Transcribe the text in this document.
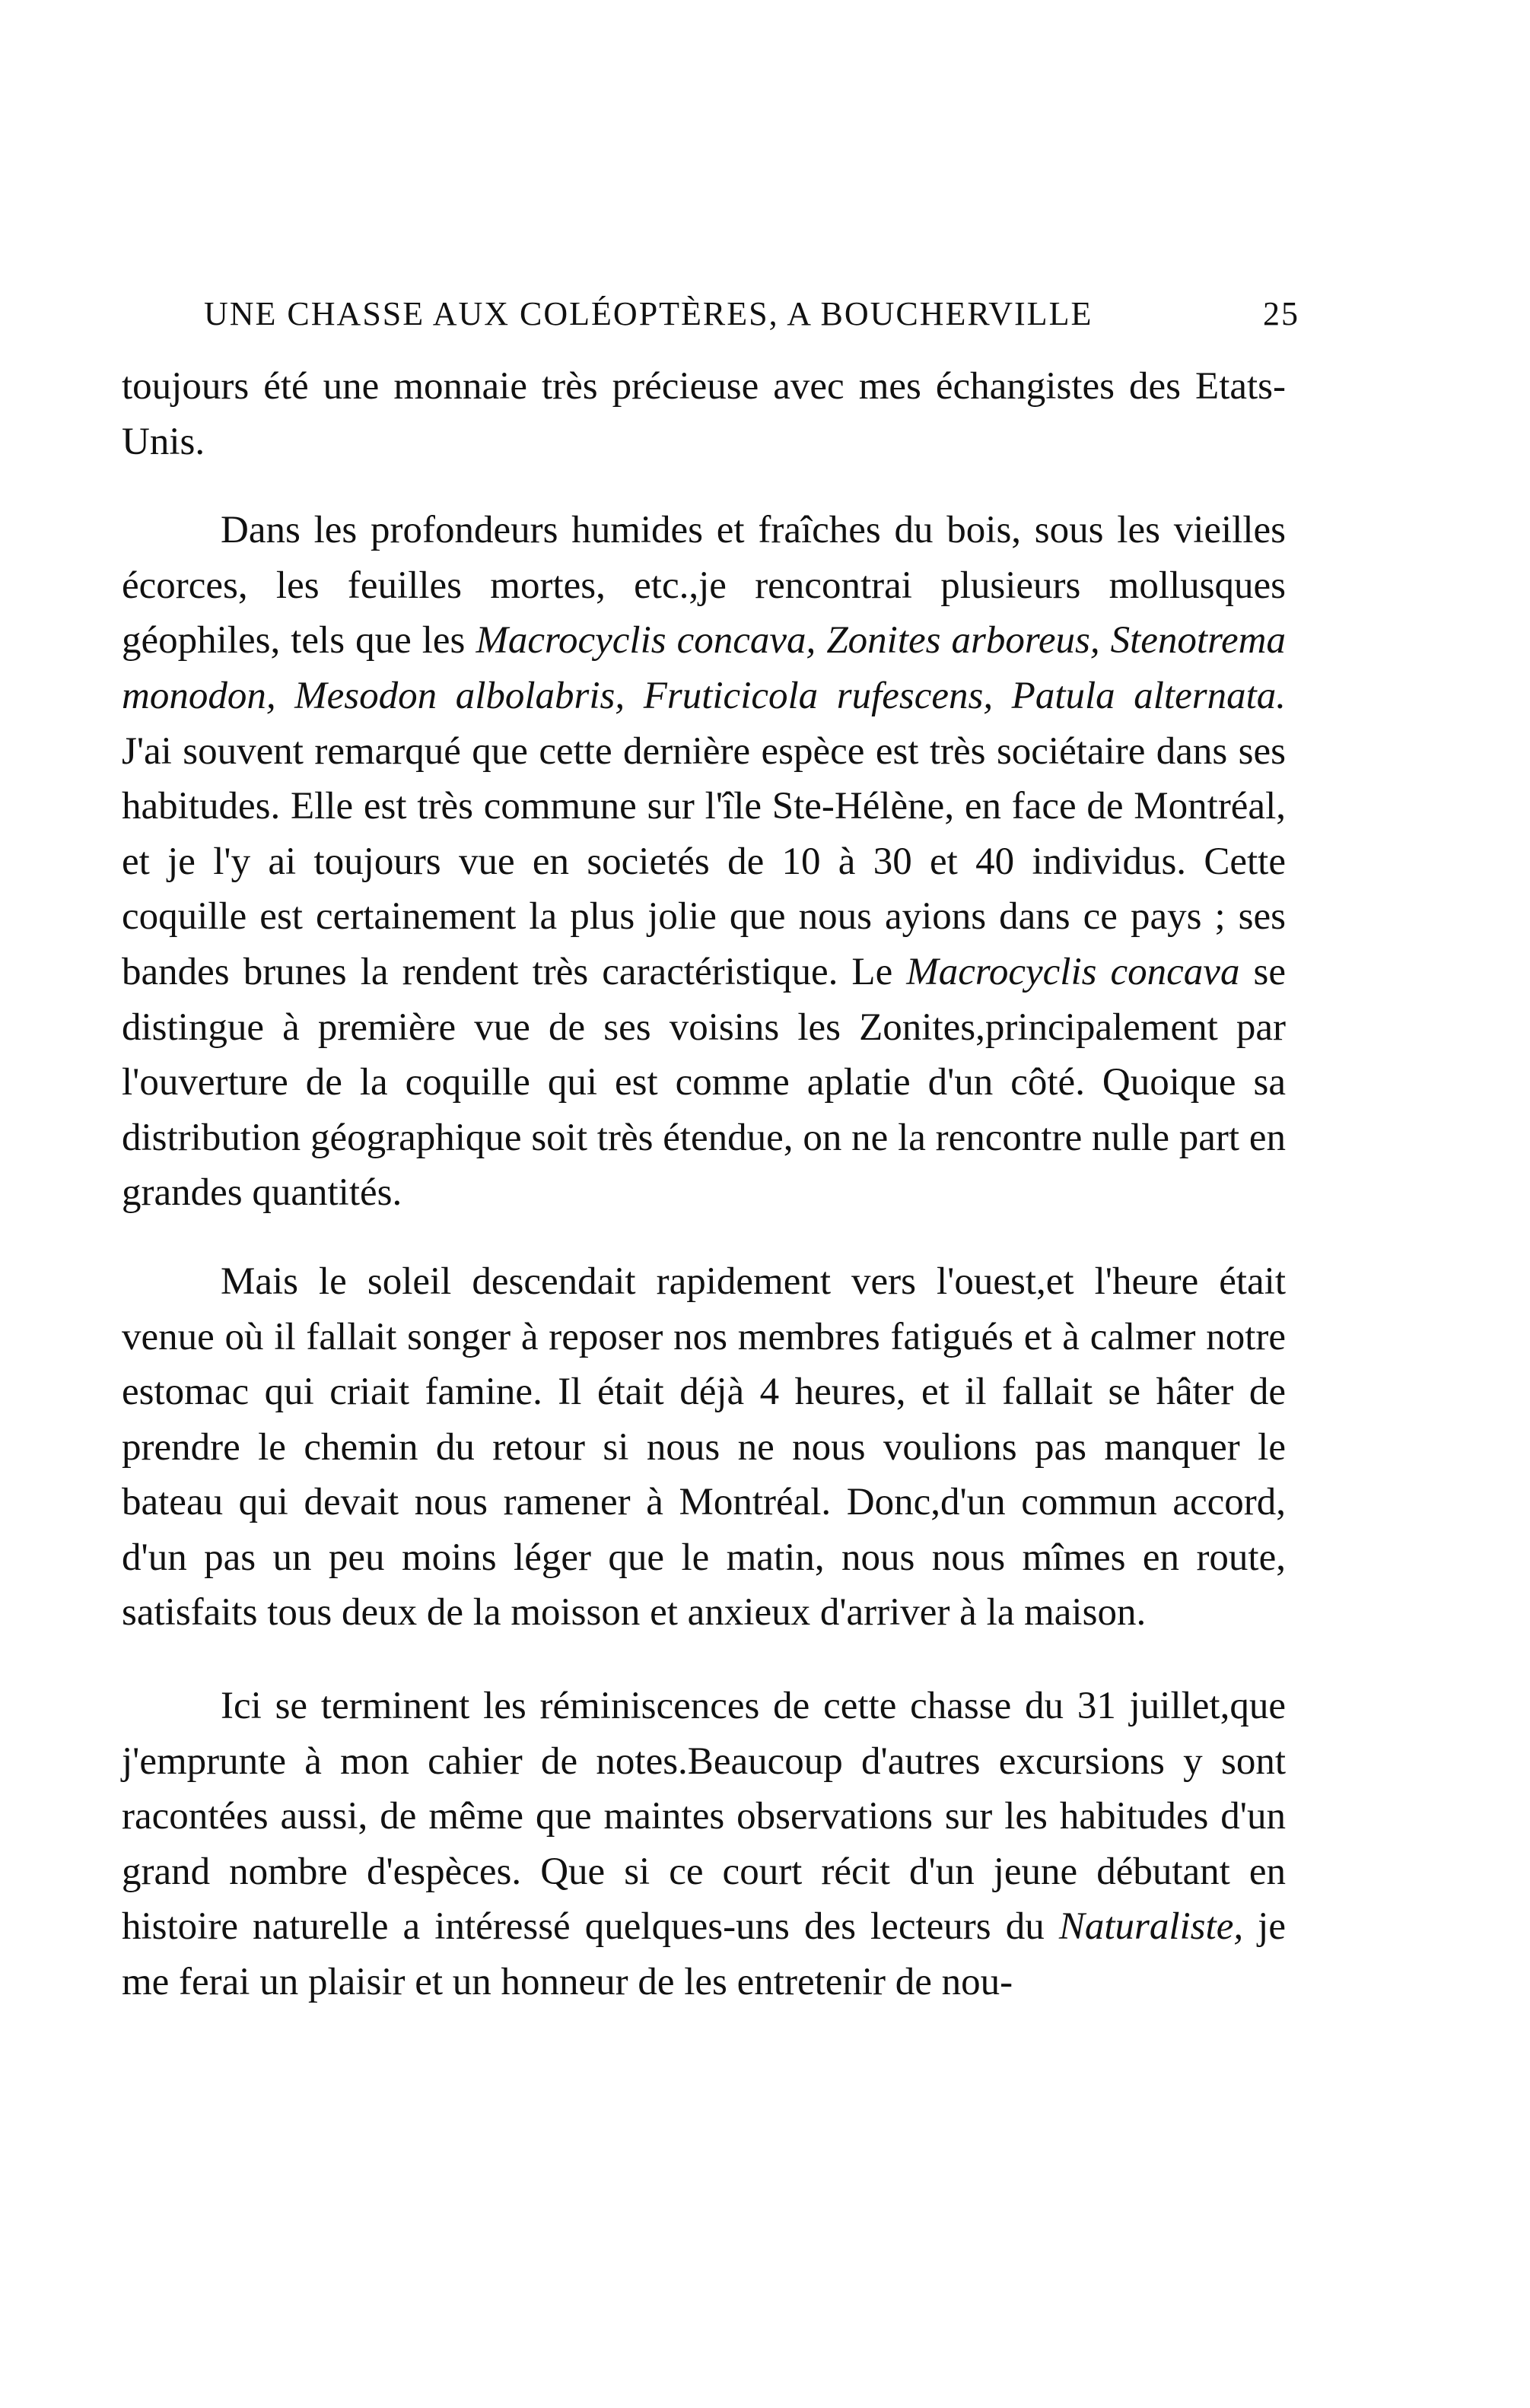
UNE CHASSE AUX COLÉOPTÈRES, A BOUCHERVILLE	25

toujours été une monnaie très précieuse avec mes échangistes des Etats-Unis.

Dans les profondeurs humides et fraîches du bois, sous les vieilles écorces, les feuilles mortes, etc.,je rencontrai plusieurs mollusques géophiles, tels que les Macrocyclis concava, Zonites arboreus, Stenotrema monodon, Mesodon albolabris, Fruticicola rufescens, Patula alternata. J'ai souvent remarqué que cette dernière espèce est très sociétaire dans ses habitudes. Elle est très commune sur l'île Ste-Hélène, en face de Montréal, et je l'y ai toujours vue en societés de 10 à 30 et 40 individus. Cette coquille est certainement la plus jolie que nous ayions dans ce pays ; ses bandes brunes la rendent très caractéristique. Le Macrocyclis concava se distingue à première vue de ses voisins les Zonites,principalement par l'ouverture de la coquille qui est comme aplatie d'un côté. Quoique sa distribution géographique soit très étendue, on ne la rencontre nulle part en grandes quantités.

Mais le soleil descendait rapidement vers l'ouest,et l'heure était venue où il fallait songer à reposer nos membres fatigués et à calmer notre estomac qui criait famine. Il était déjà 4 heures, et il fallait se hâter de prendre le chemin du retour si nous ne nous voulions pas manquer le bateau qui devait nous ramener à Montréal. Donc,d'un commun accord, d'un pas un peu moins léger que le matin, nous nous mîmes en route, satisfaits tous deux de la moisson et anxieux d'arriver à la maison.

Ici se terminent les réminiscences de cette chasse du 31 juillet,que j'emprunte à mon cahier de notes.Beaucoup d'autres excursions y sont racontées aussi, de même que maintes observations sur les habitudes d'un grand nombre d'espèces. Que si ce court récit d'un jeune débutant en histoire naturelle a intéressé quelques-uns des lecteurs du Naturaliste, je me ferai un plaisir et un honneur de les entretenir de nou-
